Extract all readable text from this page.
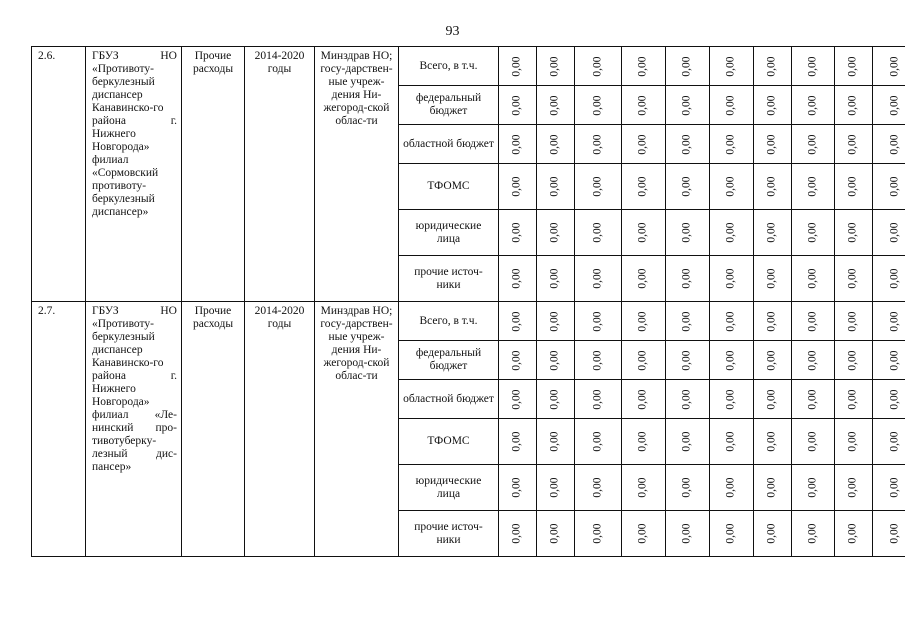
93
2.6.	ГБУЗ НО «Противоту-беркулезный диспансер Канавинско-го района г. Нижнего Новгорода» филиал «Сормовский противоту-беркулезный диспансер»	Прочие расходы	2014-2020 годы	Минздрав НО; госу-дарствен-ные учреж-дения Ни-жегород-ской облас-ти	Всего, в т.ч.	0,00	0,00	0,00	0,00	0,00	0,00	0,00	0,00	0,00	0,00
					федеральный бюджет	0,00	0,00	0,00	0,00	0,00	0,00	0,00	0,00	0,00	0,00
					областной бюджет	0,00	0,00	0,00	0,00	0,00	0,00	0,00	0,00	0,00	0,00
					ТФОМС	0,00	0,00	0,00	0,00	0,00	0,00	0,00	0,00	0,00	0,00
					юридические лица	0,00	0,00	0,00	0,00	0,00	0,00	0,00	0,00	0,00	0,00
					прочие источ-ники	0,00	0,00	0,00	0,00	0,00	0,00	0,00	0,00	0,00	0,00
2.7.	ГБУЗ НО «Противоту-беркулезный диспансер Канавинско-го района г. Нижнего Новгорода» филиал «Ле-нинский про-тивотуберку-лезный дис-пансер»	Прочие расходы	2014-2020 годы	Минздрав НО; госу-дарствен-ные учреж-дения Ни-жегород-ской облас-ти	Всего, в т.ч.	0,00	0,00	0,00	0,00	0,00	0,00	0,00	0,00	0,00	0,00
					федеральный бюджет	0,00	0,00	0,00	0,00	0,00	0,00	0,00	0,00	0,00	0,00
					областной бюджет	0,00	0,00	0,00	0,00	0,00	0,00	0,00	0,00	0,00	0,00
					ТФОМС	0,00	0,00	0,00	0,00	0,00	0,00	0,00	0,00	0,00	0,00
					юридические лица	0,00	0,00	0,00	0,00	0,00	0,00	0,00	0,00	0,00	0,00
					прочие источ-ники	0,00	0,00	0,00	0,00	0,00	0,00	0,00	0,00	0,00	0,00
